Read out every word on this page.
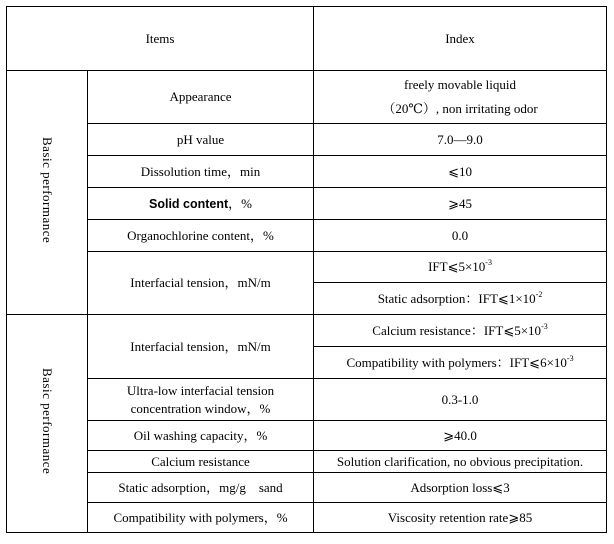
Items		Index
Basic performance	Appearance	freely movable liquid
（20℃）, non irritating odor

	pH value	7.0—9.0
	Dissolution time，min	⩽10
	Solid content，%	⩾45
	Organochlorine content，%	0.0
	Interfacial tension，mN/m	$IFT⩽5\times 10^{-3}$
		Static adsorption：$IFT⩽1\times 10^{-2}$
Basic performance	Interfacial tension，mN/m	Calcium resistance：$IFT⩽5\times 10^{-3}$
		Compatibility with polymers：$IFT⩽6\times 10^{-3}$

	Ultra-low interfacial tension
concentration window，%	0.3-1.0
	Oil washing capacity，%	⩾40.0
	Calcium resistance	Solution clarification, no obvious precipitation.
	Static adsorption，mg/g　sand	Adsorption loss⩽3
	Compatibility with polymers，%	Viscosity retention rate⩾85
